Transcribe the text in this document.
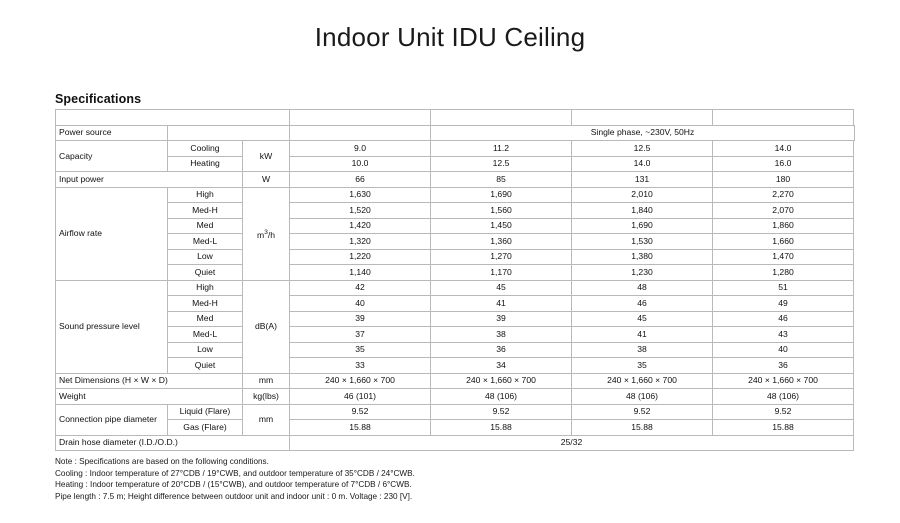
Indoor Unit IDU Ceiling
Specifications
Model name			ABHA030GTEH	ABHA036GTEH	ABHA045GTEH	ABHA054GTEH
Power source				Single phase, ~230V, 50Hz		
Capacity	Cooling	kW	9.0	11.2	12.5	14.0
	Heating		10.0	12.5	14.0	16.0
Input power		W	66	85	131	180
Airflow rate	High	$m^3/h$	1,630	1,690	2,010	2,270
	Med-H		1,520	1,560	1,840	2,070
	Med		1,420	1,450	1,690	1,860
	Med-L		1,320	1,360	1,530	1,660
	Low		1,220	1,270	1,380	1,470
	Quiet		1,140	1,170	1,230	1,280
Sound pressure level	High	dB(A)	42	45	48	51
	Med-H		40	41	46	49
	Med		39	39	45	46
	Med-L		37	38	41	43
	Low		35	36	38	40
	Quiet		33	34	35	36
Net Dimensions (H × W × D)		mm	240 × 1,660 × 700	240 × 1,660 × 700	240 × 1,660 × 700	240 × 1,660 × 700
Weight		kg(lbs)	46 (101)	48 (106)	48 (106)	48 (106)
Connection pipe diameter	Liquid (Flare)	mm	9.52	9.52	9.52	9.52
	Gas (Flare)		15.88	15.88	15.88	15.88
Drain hose diameter (I.D./O.D.)			25/32			
Note : Specifications are based on the following conditions.
Cooling : Indoor temperature of 27°CDB / 19°CWB, and outdoor temperature of 35°CDB / 24°CWB.
Heating : Indoor temperature of 20°CDB / (15°CWB), and outdoor temperature of 7°CDB / 6°CWB.
Pipe length : 7.5 m; Height difference between outdoor unit and indoor unit : 0 m. Voltage : 230 [V].
